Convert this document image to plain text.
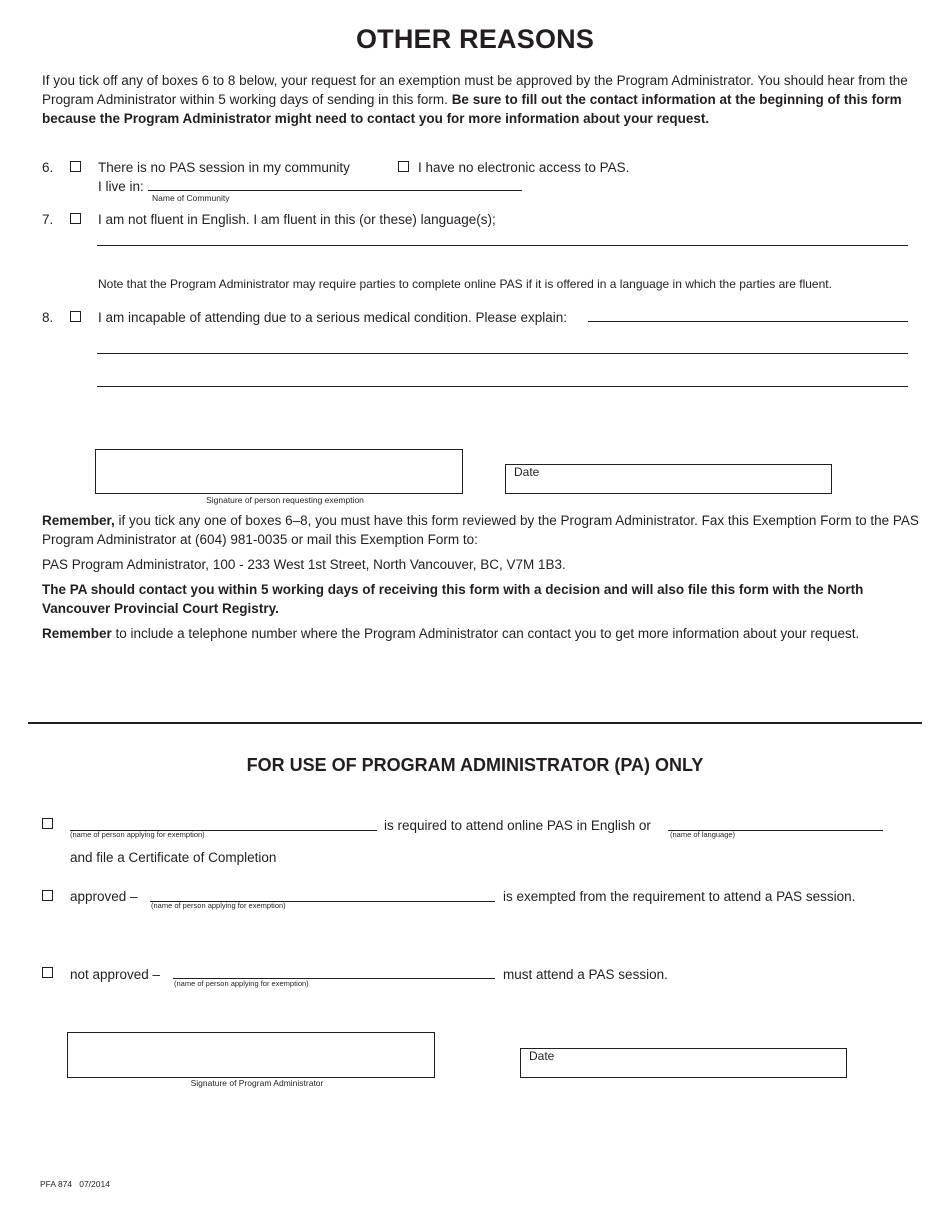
OTHER REASONS
If you tick off any of boxes 6 to 8 below, your request for an exemption must be approved by the Program Administrator. You should hear from the Program Administrator within 5 working days of sending in this form. Be sure to fill out the contact information at the beginning of this form because the Program Administrator might need to contact you for more information about your request.
6.	There is no PAS session in my community	I have no electronic access to PAS.
I live in:
Name of Community
7.	I am not fluent in English. I am fluent in this (or these) language(s);
Note that the Program Administrator may require parties to complete online PAS if it is offered in a language in which the parties are fluent.
8.	I am incapable of attending due to a serious medical condition. Please explain:
Signature of person requesting exemption
Date
Remember, if you tick any one of boxes 6–8, you must have this form reviewed by the Program Administrator. Fax this Exemption Form to the PAS Program Administrator at (604) 981-0035 or mail this Exemption Form to:
PAS Program Administrator, 100 - 233 West 1st Street, North Vancouver, BC, V7M 1B3.
The PA should contact you within 5 working days of receiving this form with a decision and will also file this form with the North Vancouver Provincial Court Registry.
Remember to include a telephone number where the Program Administrator can contact you to get more information about your request.
FOR USE OF PROGRAM ADMINISTRATOR (PA) ONLY
(name of person applying for exemption)
is required to attend online PAS in English or
(name of language)
and file a Certificate of Completion
approved –
(name of person applying for exemption)
is exempted from the requirement to attend a PAS session.
not approved –
(name of person applying for exemption)
must attend a PAS session.
Signature of Program Administrator
Date
PFA 874   07/2014
